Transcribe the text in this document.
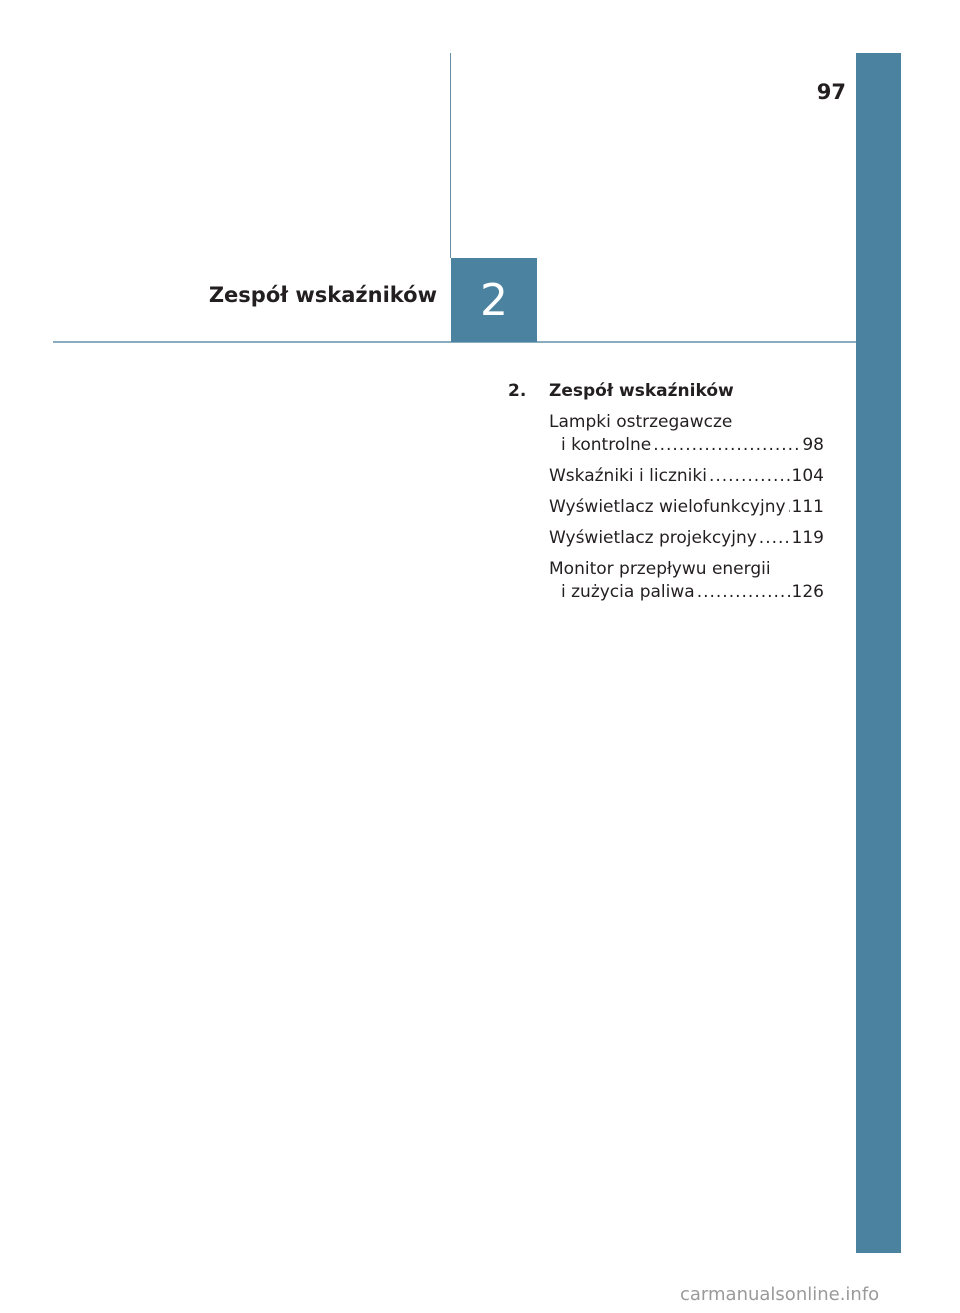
97
Zespół wskaźników 2
2.	Zespół wskaźników
Lampki ostrzegawcze
i kontrolne .....	98
Wskaźniki i liczniki .....	104
Wyświetlacz wielofunkcyjny ..... 111
Wyświetlacz projekcyjny ..... 119
Monitor przepływu energii
i zużycia paliwa .....	126
carmanualsonline.info
